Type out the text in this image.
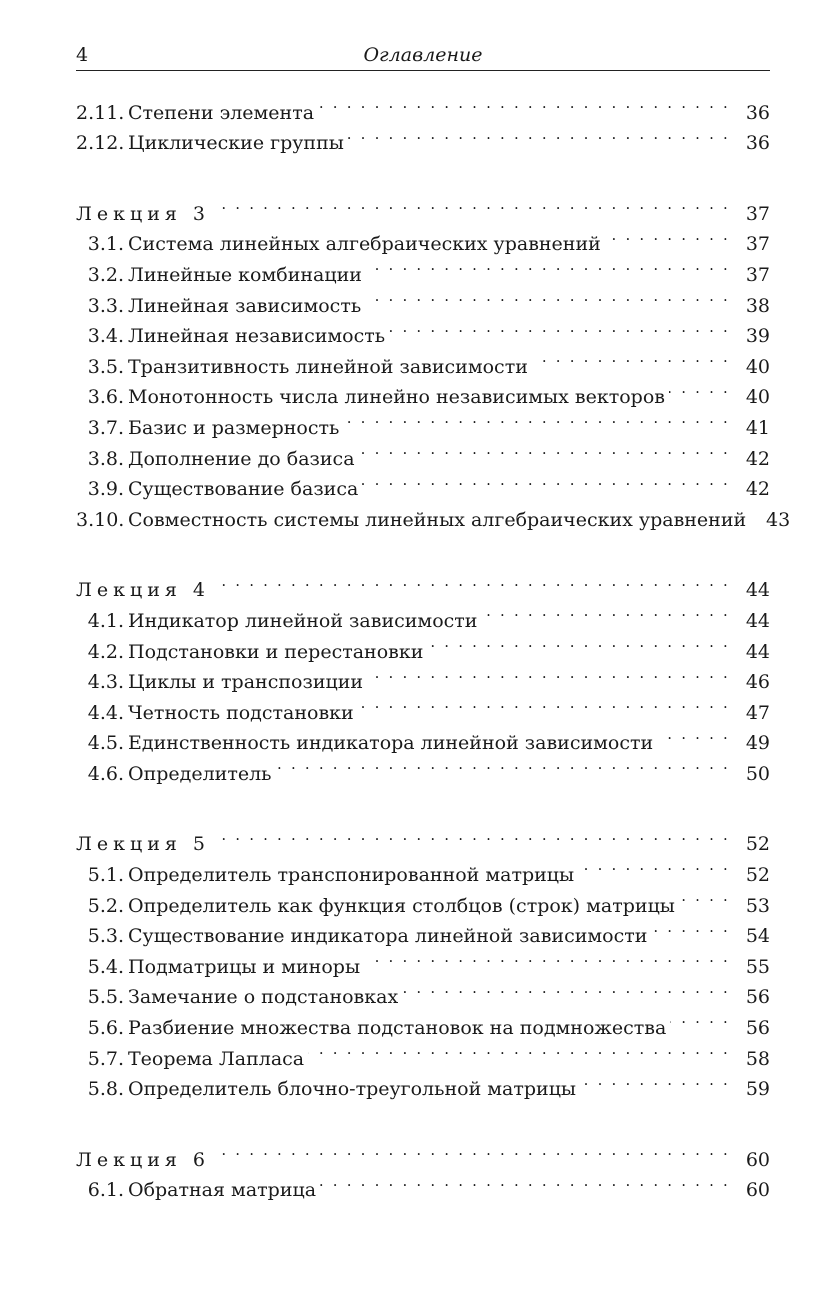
4	Оглавление
2.11. Степени элемента . . .	36
2.12. Циклические группы . . .	36
Лекция 3 . . .	37
3.1. Система линейных алгебраических уравнений . . .	37
3.2. Линейные комбинации . . .	37
3.3. Линейная зависимость . . .	38
3.4. Линейная независимость . . .	39
3.5. Транзитивность линейной зависимости . . .	40
3.6. Монотонность числа линейно независимых векторов . . .	40
3.7. Базис и размерность . . .	41
3.8. Дополнение до базиса . . .	42
3.9. Существование базиса . . .	42
3.10. Совместность системы линейных алгебраических уравнений	43
Лекция 4 . . .	44
4.1. Индикатор линейной зависимости . . .	44
4.2. Подстановки и перестановки . . .	44
4.3. Циклы и транспозиции . . .	46
4.4. Четность подстановки . . .	47
4.5. Единственность индикатора линейной зависимости . . .	49
4.6. Определитель . . .	50
Лекция 5 . . .	52
5.1. Определитель транспонированной матрицы . . .	52
5.2. Определитель как функция столбцов (строк) матрицы . . .	53
5.3. Существование индикатора линейной зависимости . . .	54
5.4. Подматрицы и миноры . . .	55
5.5. Замечание о подстановках . . .	56
5.6. Разбиение множества подстановок на подмножества . . .	56
5.7. Теорема Лапласа . . .	58
5.8. Определитель блочно-треугольной матрицы . . .	59
Лекция 6 . . .	60
6.1. Обратная матрица . . .	60
